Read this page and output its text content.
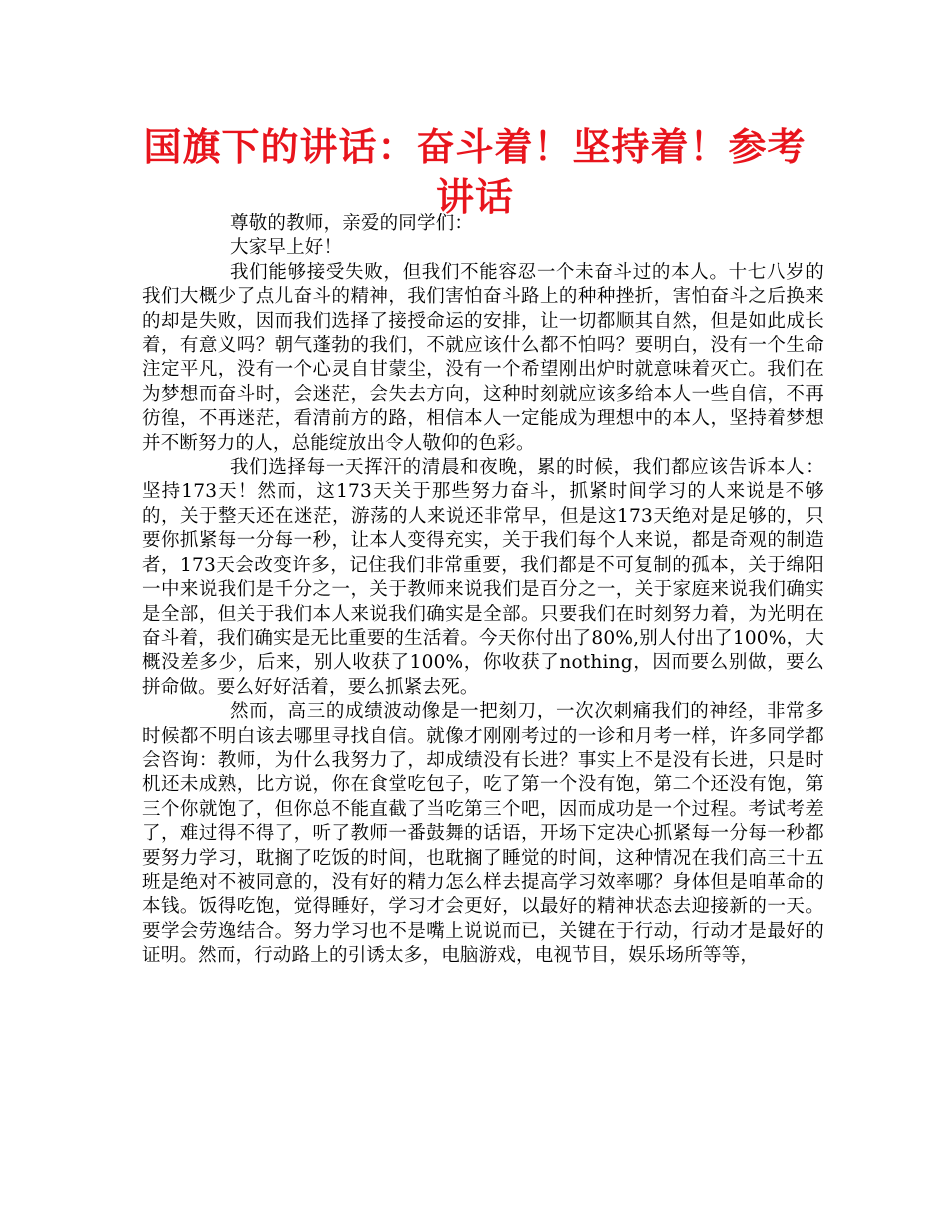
国旗下的讲话：奋斗着！坚持着！参考讲话

尊敬的教师，亲爱的同学们：

大家早上好！

我们能够接受失败，但我们不能容忍一个未奋斗过的本人。十七八岁的我们大概少了点儿奋斗的精神，我们害怕奋斗路上的种种挫折，害怕奋斗之后换来的却是失败，因而我们选择了接授命运的安排，让一切都顺其自然，但是如此成长着，有意义吗？朝气蓬勃的我们，不就应该什么都不怕吗？要明白，没有一个生命注定平凡，没有一个心灵自甘蒙尘，没有一个希望刚出炉时就意味着灭亡。我们在为梦想而奋斗时，会迷茫，会失去方向，这种时刻就应该多给本人一些自信，不再彷徨，不再迷茫，看清前方的路，相信本人一定能成为理想中的本人，坚持着梦想并不断努力的人，总能绽放出令人敬仰的色彩。

我们选择每一天挥汗的清晨和夜晚，累的时候，我们都应该告诉本人：坚持173天！然而，这173天关于那些努力奋斗，抓紧时间学习的人来说是不够的，关于整天还在迷茫，游荡的人来说还非常早，但是这173天绝对是足够的，只要你抓紧每一分每一秒，让本人变得充实，关于我们每个人来说，都是奇观的制造者，173天会改变许多，记住我们非常重要，我们都是不可复制的孤本，关于绵阳一中来说我们是千分之一，关于教师来说我们是百分之一，关于家庭来说我们确实是全部，但关于我们本人来说我们确实是全部。只要我们在时刻努力着，为光明在奋斗着，我们确实是无比重要的生活着。今天你付出了80%,别人付出了100%，大概没差多少，后来，别人收获了100%，你收获了nothing，因而要么别做，要么拼命做。要么好好活着，要么抓紧去死。

然而，高三的成绩波动像是一把刻刀，一次次刺痛我们的神经，非常多时候都不明白该去哪里寻找自信。就像才刚刚考过的一诊和月考一样，许多同学都会咨询：教师，为什么我努力了，却成绩没有长进？事实上不是没有长进，只是时机还未成熟，比方说，你在食堂吃包子，吃了第一个没有饱，第二个还没有饱，第三个你就饱了，但你总不能直截了当吃第三个吧，因而成功是一个过程。考试考差了，难过得不得了，听了教师一番鼓舞的话语，开场下定决心抓紧每一分每一秒都要努力学习，耽搁了吃饭的时间，也耽搁了睡觉的时间，这种情况在我们高三十五班是绝对不被同意的，没有好的精力怎么样去提高学习效率哪？身体但是咱革命的本钱。饭得吃饱，觉得睡好，学习才会更好，以最好的精神状态去迎接新的一天。要学会劳逸结合。努力学习也不是嘴上说说而已，关键在于行动，行动才是最好的证明。然而，行动路上的引诱太多，电脑游戏，电视节目，娱乐场所等等，
